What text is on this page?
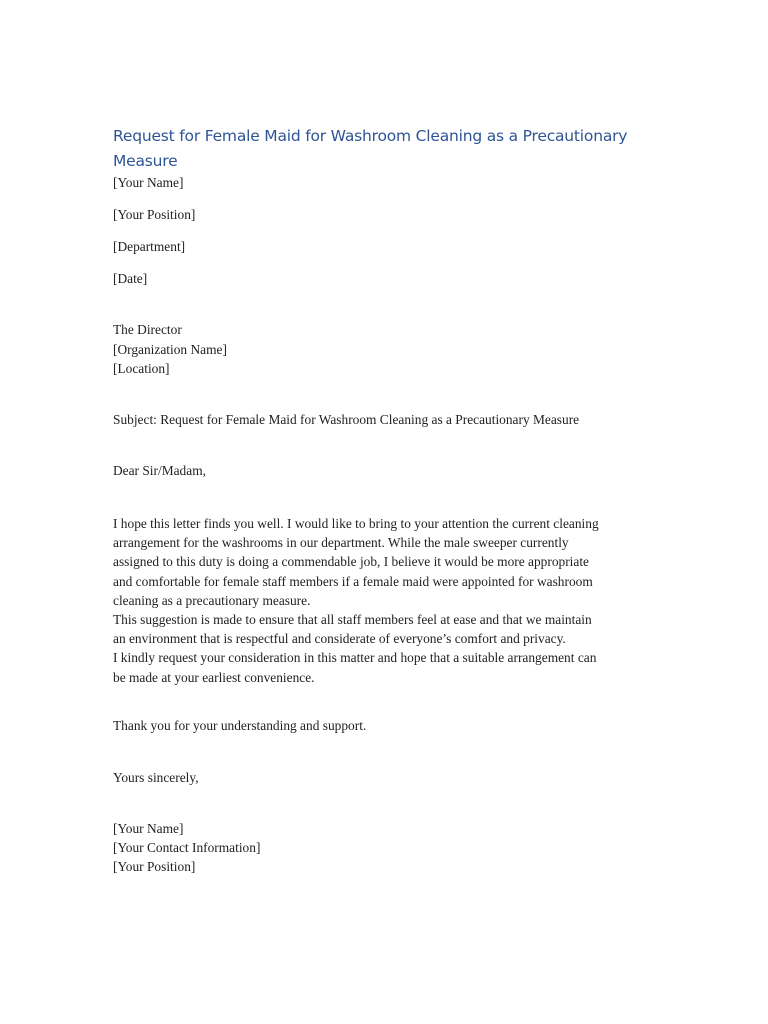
Request for Female Maid for Washroom Cleaning as a Precautionary Measure
[Your Name]
[Your Position]
[Department]
[Date]
The Director
[Organization Name]
[Location]
Subject: Request for Female Maid for Washroom Cleaning as a Precautionary Measure
Dear Sir/Madam,
I hope this letter finds you well. I would like to bring to your attention the current cleaning
arrangement for the washrooms in our department. While the male sweeper currently
assigned to this duty is doing a commendable job, I believe it would be more appropriate
and comfortable for female staff members if a female maid were appointed for washroom
cleaning as a precautionary measure.
This suggestion is made to ensure that all staff members feel at ease and that we maintain
an environment that is respectful and considerate of everyone’s comfort and privacy.
I kindly request your consideration in this matter and hope that a suitable arrangement can
be made at your earliest convenience.
Thank you for your understanding and support.
Yours sincerely,
[Your Name]
[Your Contact Information]
[Your Position]
